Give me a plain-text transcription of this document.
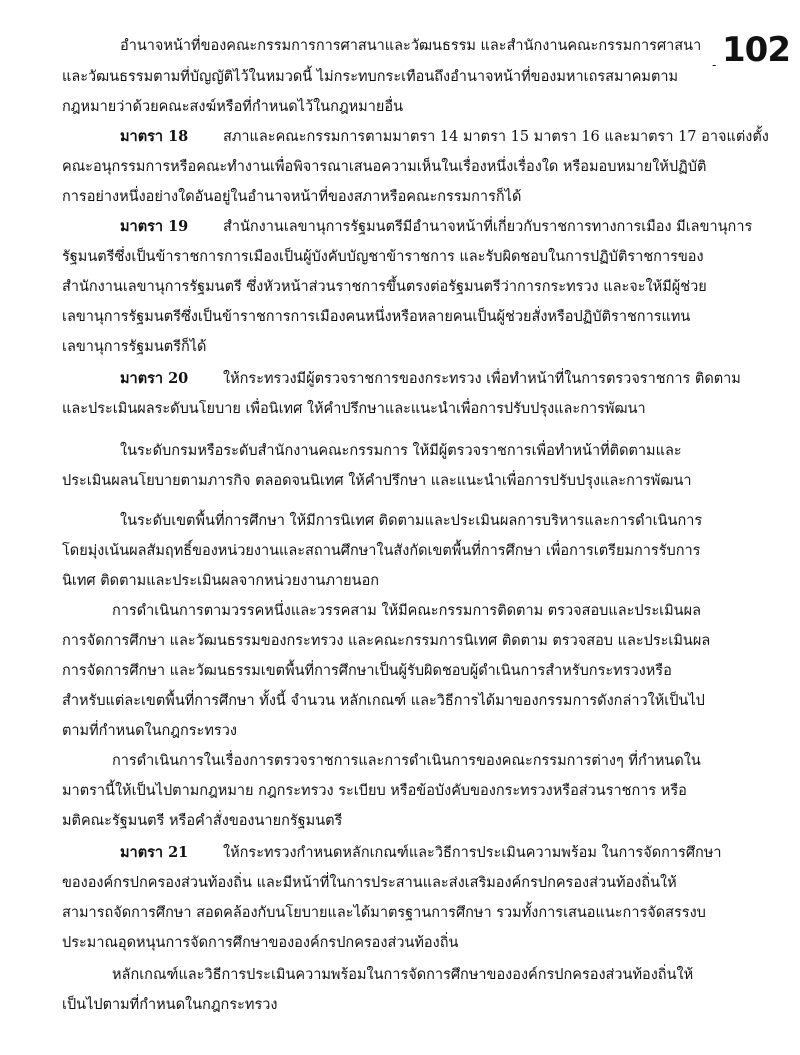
102
-
อำนาจหน้าที่ของคณะกรรมการการศาสนาและวัฒนธรรม และสำนักงานคณะกรรมการศาสนา
และวัฒนธรรมตามที่บัญญัติไว้ในหมวดนี้ ไม่กระทบกระเทือนถึงอำนาจหน้าที่ของมหาเถรสมาคมตาม
กฎหมายว่าด้วยคณะสงฆ์หรือที่กำหนดไว้ในกฎหมายอื่น
มาตรา 18 สภาและคณะกรรมการตามมาตรา 14 มาตรา 15 มาตรา 16 และมาตรา 17 อาจแต่งตั้ง
คณะอนุกรรมการหรือคณะทำงานเพื่อพิจารณาเสนอความเห็นในเรื่องหนึ่งเรื่องใด หรือมอบหมายให้ปฏิบัติ
การอย่างหนึ่งอย่างใดอันอยู่ในอำนาจหน้าที่ของสภาหรือคณะกรรมการก็ได้
มาตรา 19 สำนักงานเลขานุการรัฐมนตรีมีอำนาจหน้าที่เกี่ยวกับราชการทางการเมือง มีเลขานุการ
รัฐมนตรีซึ่งเป็นข้าราชการการเมืองเป็นผู้บังคับบัญชาข้าราชการ และรับผิดชอบในการปฏิบัติราชการของ
สำนักงานเลขานุการรัฐมนตรี ซึ่งหัวหน้าส่วนราชการขึ้นตรงต่อรัฐมนตรีว่าการกระทรวง และจะให้มีผู้ช่วย
เลขานุการรัฐมนตรีซึ่งเป็นข้าราชการการเมืองคนหนึ่งหรือหลายคนเป็นผู้ช่วยสั่งหรือปฏิบัติราชการแทน
เลขานุการรัฐมนตรีก็ได้
มาตรา 20 ให้กระทรวงมีผู้ตรวจราชการของกระทรวง เพื่อทำหน้าที่ในการตรวจราชการ ติดตาม
และประเมินผลระดับนโยบาย เพื่อนิเทศ ให้คำปรึกษาและแนะนำเพื่อการปรับปรุงและการพัฒนา
ในระดับกรมหรือระดับสำนักงานคณะกรรมการ ให้มีผู้ตรวจราชการเพื่อทำหน้าที่ติดตามและ
ประเมินผลนโยบายตามภารกิจ ตลอดจนนิเทศ ให้คำปรึกษา และแนะนำเพื่อการปรับปรุงและการพัฒนา
ในระดับเขตพื้นที่การศึกษา ให้มีการนิเทศ ติดตามและประเมินผลการบริหารและการดำเนินการ
โดยมุ่งเน้นผลสัมฤทธิ์ของหน่วยงานและสถานศึกษาในสังกัดเขตพื้นที่การศึกษา เพื่อการเตรียมการรับการ
นิเทศ ติดตามและประเมินผลจากหน่วยงานภายนอก
การดำเนินการตามวรรคหนึ่งและวรรคสาม ให้มีคณะกรรมการติดตาม ตรวจสอบและประเมินผล
การจัดการศึกษา และวัฒนธรรมของกระทรวง และคณะกรรมการนิเทศ ติดตาม ตรวจสอบ และประเมินผล
การจัดการศึกษา และวัฒนธรรมเขตพื้นที่การศึกษาเป็นผู้รับผิดชอบผู้ดำเนินการสำหรับกระทรวงหรือ
สำหรับแต่ละเขตพื้นที่การศึกษา ทั้งนี้ จำนวน หลักเกณฑ์ และวิธีการได้มาของกรรมการดังกล่าวให้เป็นไป
ตามที่กำหนดในกฎกระทรวง
การดำเนินการในเรื่องการตรวจราชการและการดำเนินการของคณะกรรมการต่างๆ ที่กำหนดใน
มาตรานี้ให้เป็นไปตามกฎหมาย กฎกระทรวง ระเบียบ หรือข้อบังคับของกระทรวงหรือส่วนราชการ หรือ
มติคณะรัฐมนตรี หรือคำสั่งของนายกรัฐมนตรี
มาตรา 21 ให้กระทรวงกำหนดหลักเกณฑ์และวิธีการประเมินความพร้อม ในการจัดการศึกษา
ขององค์กรปกครองส่วนท้องถิ่น และมีหน้าที่ในการประสานและส่งเสริมองค์กรปกครองส่วนท้องถิ่นให้
สามารถจัดการศึกษา สอดคล้องกับนโยบายและได้มาตรฐานการศึกษา รวมทั้งการเสนอแนะการจัดสรรงบ
ประมาณอุดหนุนการจัดการศึกษาขององค์กรปกครองส่วนท้องถิ่น
หลักเกณฑ์และวิธีการประเมินความพร้อมในการจัดการศึกษาขององค์กรปกครองส่วนท้องถิ่นให้
เป็นไปตามที่กำหนดในกฎกระทรวง
